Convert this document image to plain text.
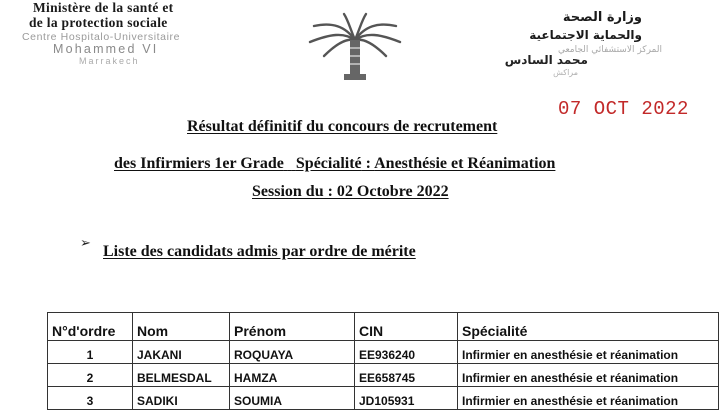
Ministère de la santé et
de la protection sociale
Centre Hospitalo-Universitaire
Mohammed VI
Marrakech
وزارة الصحة
والحماية الاجتماعية
المركز الاستشفائي الجامعي
محمد السادس
مراكش
07 OCT 2022
Résultat définitif du concours de recrutement
des Infirmiers 1er Grade Spécialité : Anesthésie et Réanimation
Session du : 02 Octobre 2022
➢ Liste des candidats admis par ordre de mérite
N°d'ordre	Nom	Prénom	CIN	Spécialité
1	JAKANI	ROQUAYA	EE936240	Infirmier en anesthésie et réanimation
2	BELMESDAL	HAMZA	EE658745	Infirmier en anesthésie et réanimation
3	SADIKI	SOUMIA	JD105931	Infirmier en anesthésie et réanimation
